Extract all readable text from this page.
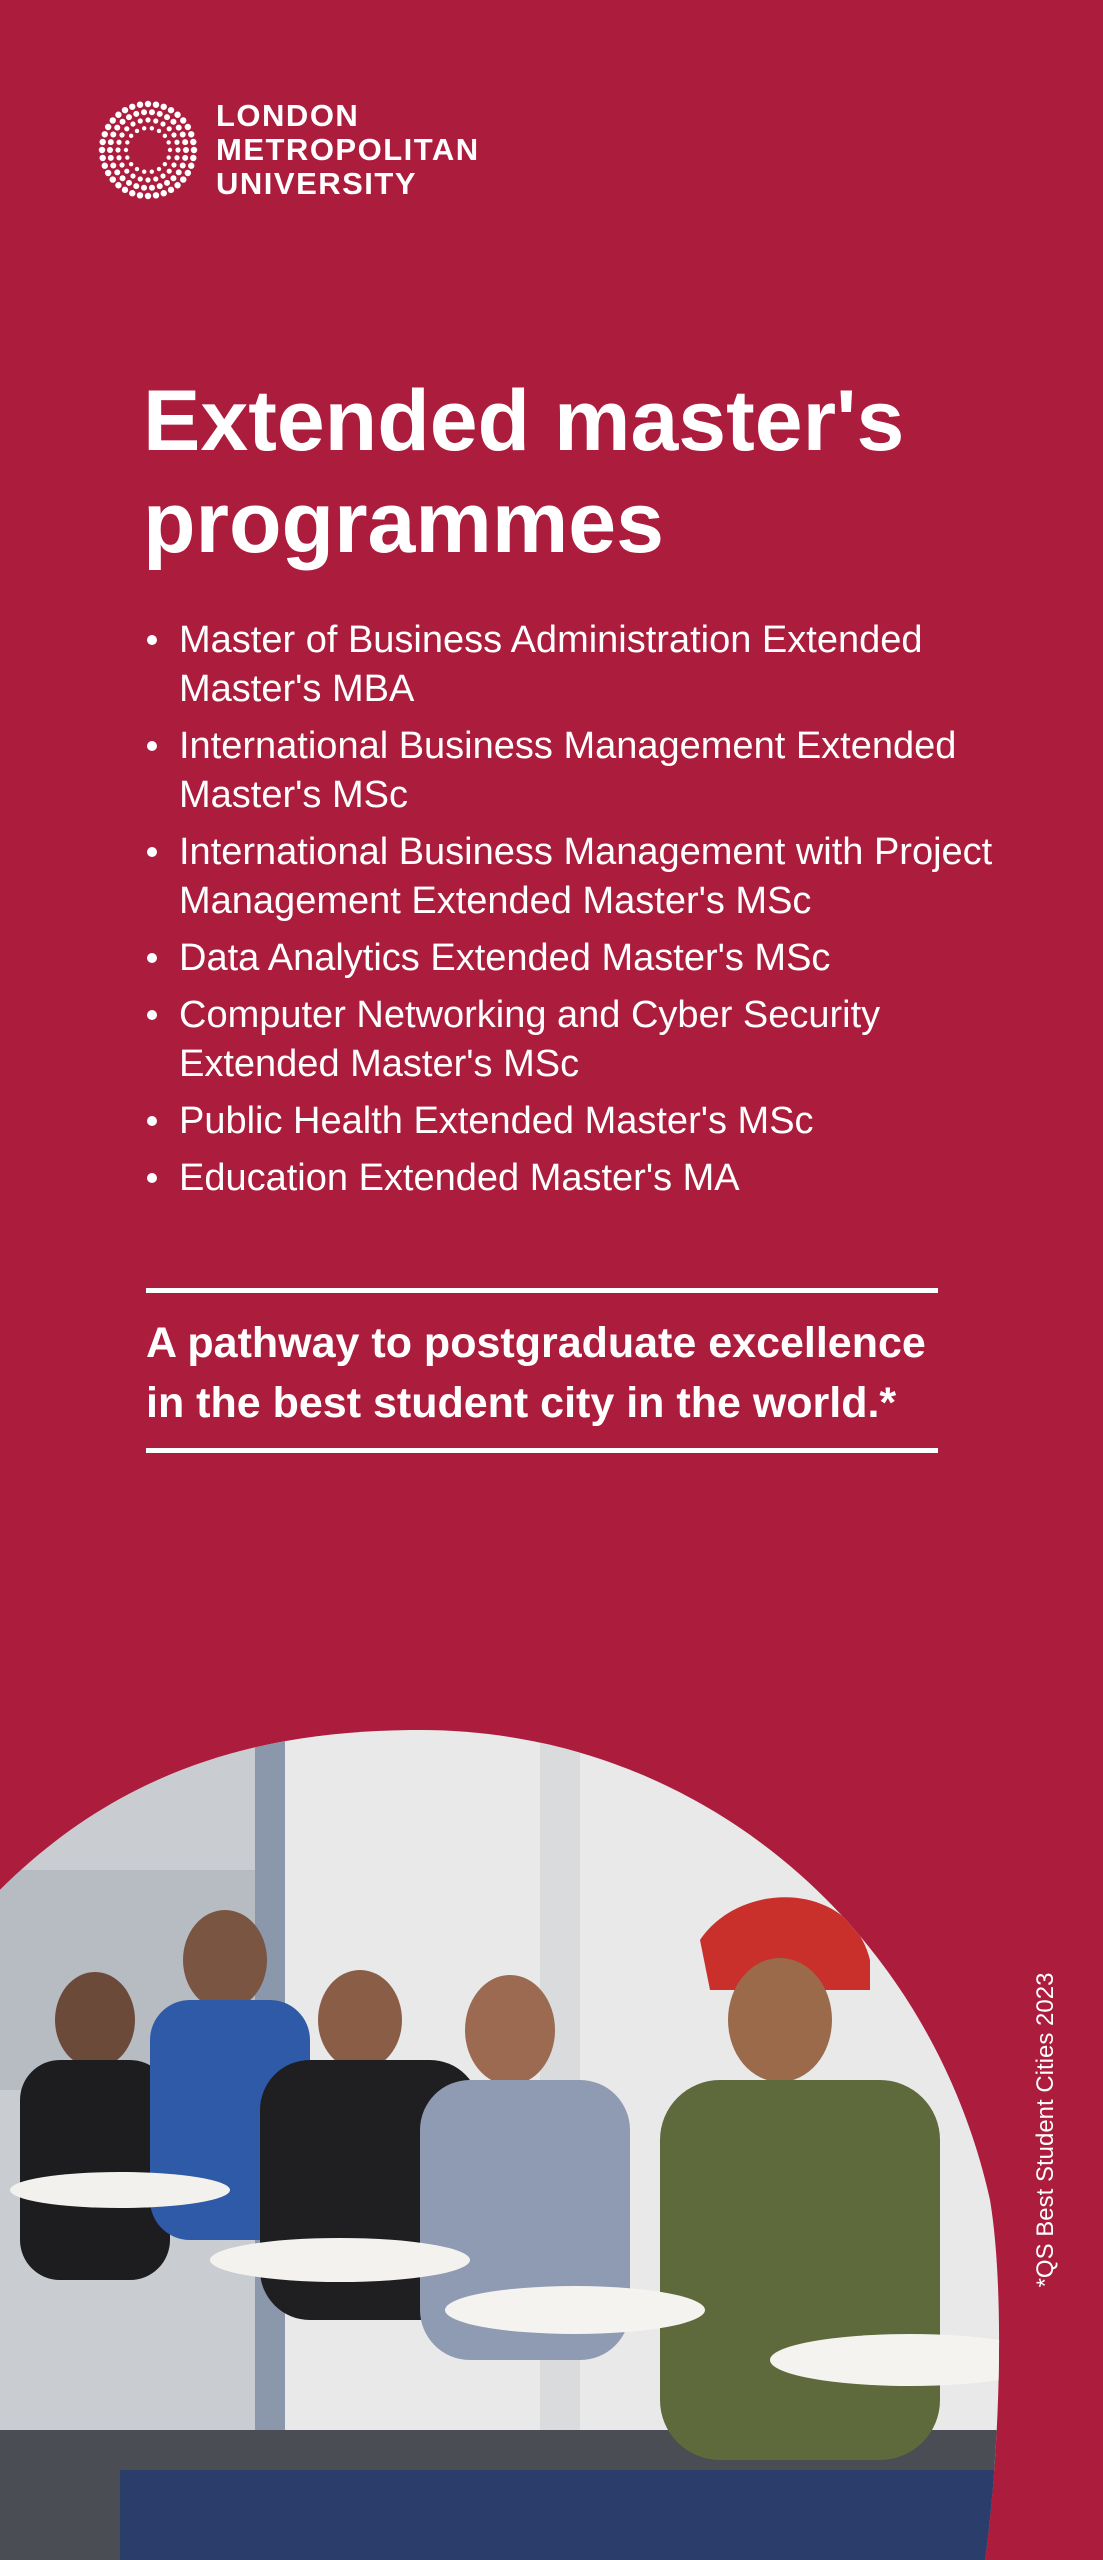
LONDON
METROPOLITAN
UNIVERSITY
Extended master's
programmes
Master of Business Administration Extended Master's MBA
International Business Management Extended Master's MSc
International Business Management with Project Management Extended Master's MSc
Data Analytics Extended Master's MSc
Computer Networking and Cyber Security Extended Master's MSc
Public Health Extended Master's MSc
Education Extended Master's MA
A pathway to postgraduate excellence
in the best student city in the world.*
*QS Best Student Cities 2023
